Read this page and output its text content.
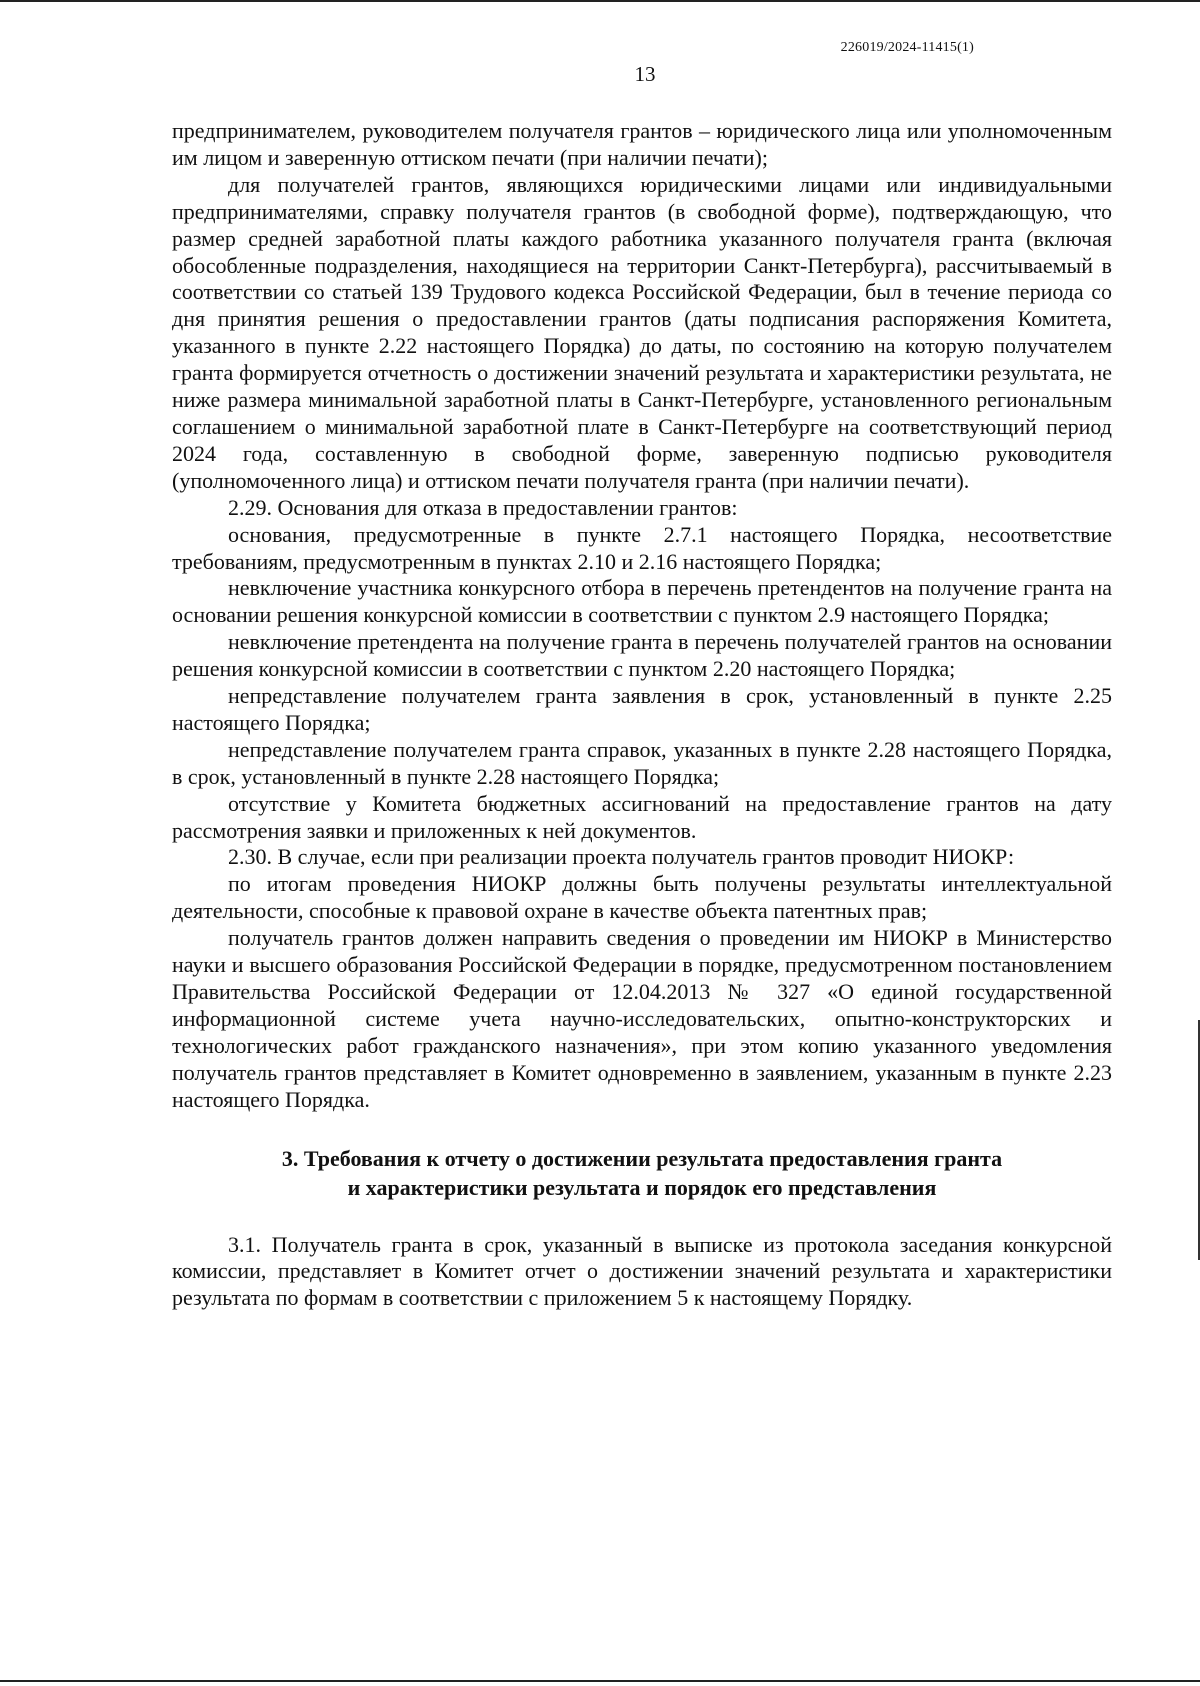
226019/2024-11415(1)
13

предпринимателем, руководителем получателя грантов – юридического лица или уполномоченным им лицом и заверенную оттиском печати (при наличии печати);

для получателей грантов, являющихся юридическими лицами или индивидуальными предпринимателями, справку получателя грантов (в свободной форме), подтверждающую, что размер средней заработной платы каждого работника указанного получателя гранта (включая обособленные подразделения, находящиеся на территории Санкт-Петербурга), рассчитываемый в соответствии со статьей 139 Трудового кодекса Российской Федерации, был в течение периода со дня принятия решения о предоставлении грантов (даты подписания распоряжения Комитета, указанного в пункте 2.22 настоящего Порядка) до даты, по состоянию на которую получателем гранта формируется отчетность о достижении значений результата и характеристики результата, не ниже размера минимальной заработной платы в Санкт-Петербурге, установленного региональным соглашением о минимальной заработной плате в Санкт-Петербурге на соответствующий период 2024 года, составленную в свободной форме, заверенную подписью руководителя (уполномоченного лица) и оттиском печати получателя гранта (при наличии печати).

2.29. Основания для отказа в предоставлении грантов:

основания, предусмотренные в пункте 2.7.1 настоящего Порядка, несоответствие требованиям, предусмотренным в пунктах 2.10 и 2.16 настоящего Порядка;

невключение участника конкурсного отбора в перечень претендентов на получение гранта на основании решения конкурсной комиссии в соответствии с пунктом 2.9 настоящего Порядка;

невключение претендента на получение гранта в перечень получателей грантов на основании решения конкурсной комиссии в соответствии с пунктом 2.20 настоящего Порядка;

непредставление получателем гранта заявления в срок, установленный в пункте 2.25 настоящего Порядка;

непредставление получателем гранта справок, указанных в пункте 2.28 настоящего Порядка, в срок, установленный в пункте 2.28 настоящего Порядка;

отсутствие у Комитета бюджетных ассигнований на предоставление грантов на дату рассмотрения заявки и приложенных к ней документов.

2.30. В случае, если при реализации проекта получатель грантов проводит НИОКР:

по итогам проведения НИОКР должны быть получены результаты интеллектуальной деятельности, способные к правовой охране в качестве объекта патентных прав;

получатель грантов должен направить сведения о проведении им НИОКР в Министерство науки и высшего образования Российской Федерации в порядке, предусмотренном постановлением Правительства Российской Федерации от 12.04.2013 № 327 «О единой государственной информационной системе учета научно-исследовательских, опытно-конструкторских и технологических работ гражданского назначения», при этом копию указанного уведомления получатель грантов представляет в Комитет одновременно в заявлением, указанным в пункте 2.23 настоящего Порядка.

3. Требования к отчету о достижении результата предоставления гранта
и характеристики результата и порядок его представления

3.1. Получатель гранта в срок, указанный в выписке из протокола заседания конкурсной комиссии, представляет в Комитет отчет о достижении значений результата и характеристики результата по формам в соответствии с приложением 5 к настоящему Порядку.
